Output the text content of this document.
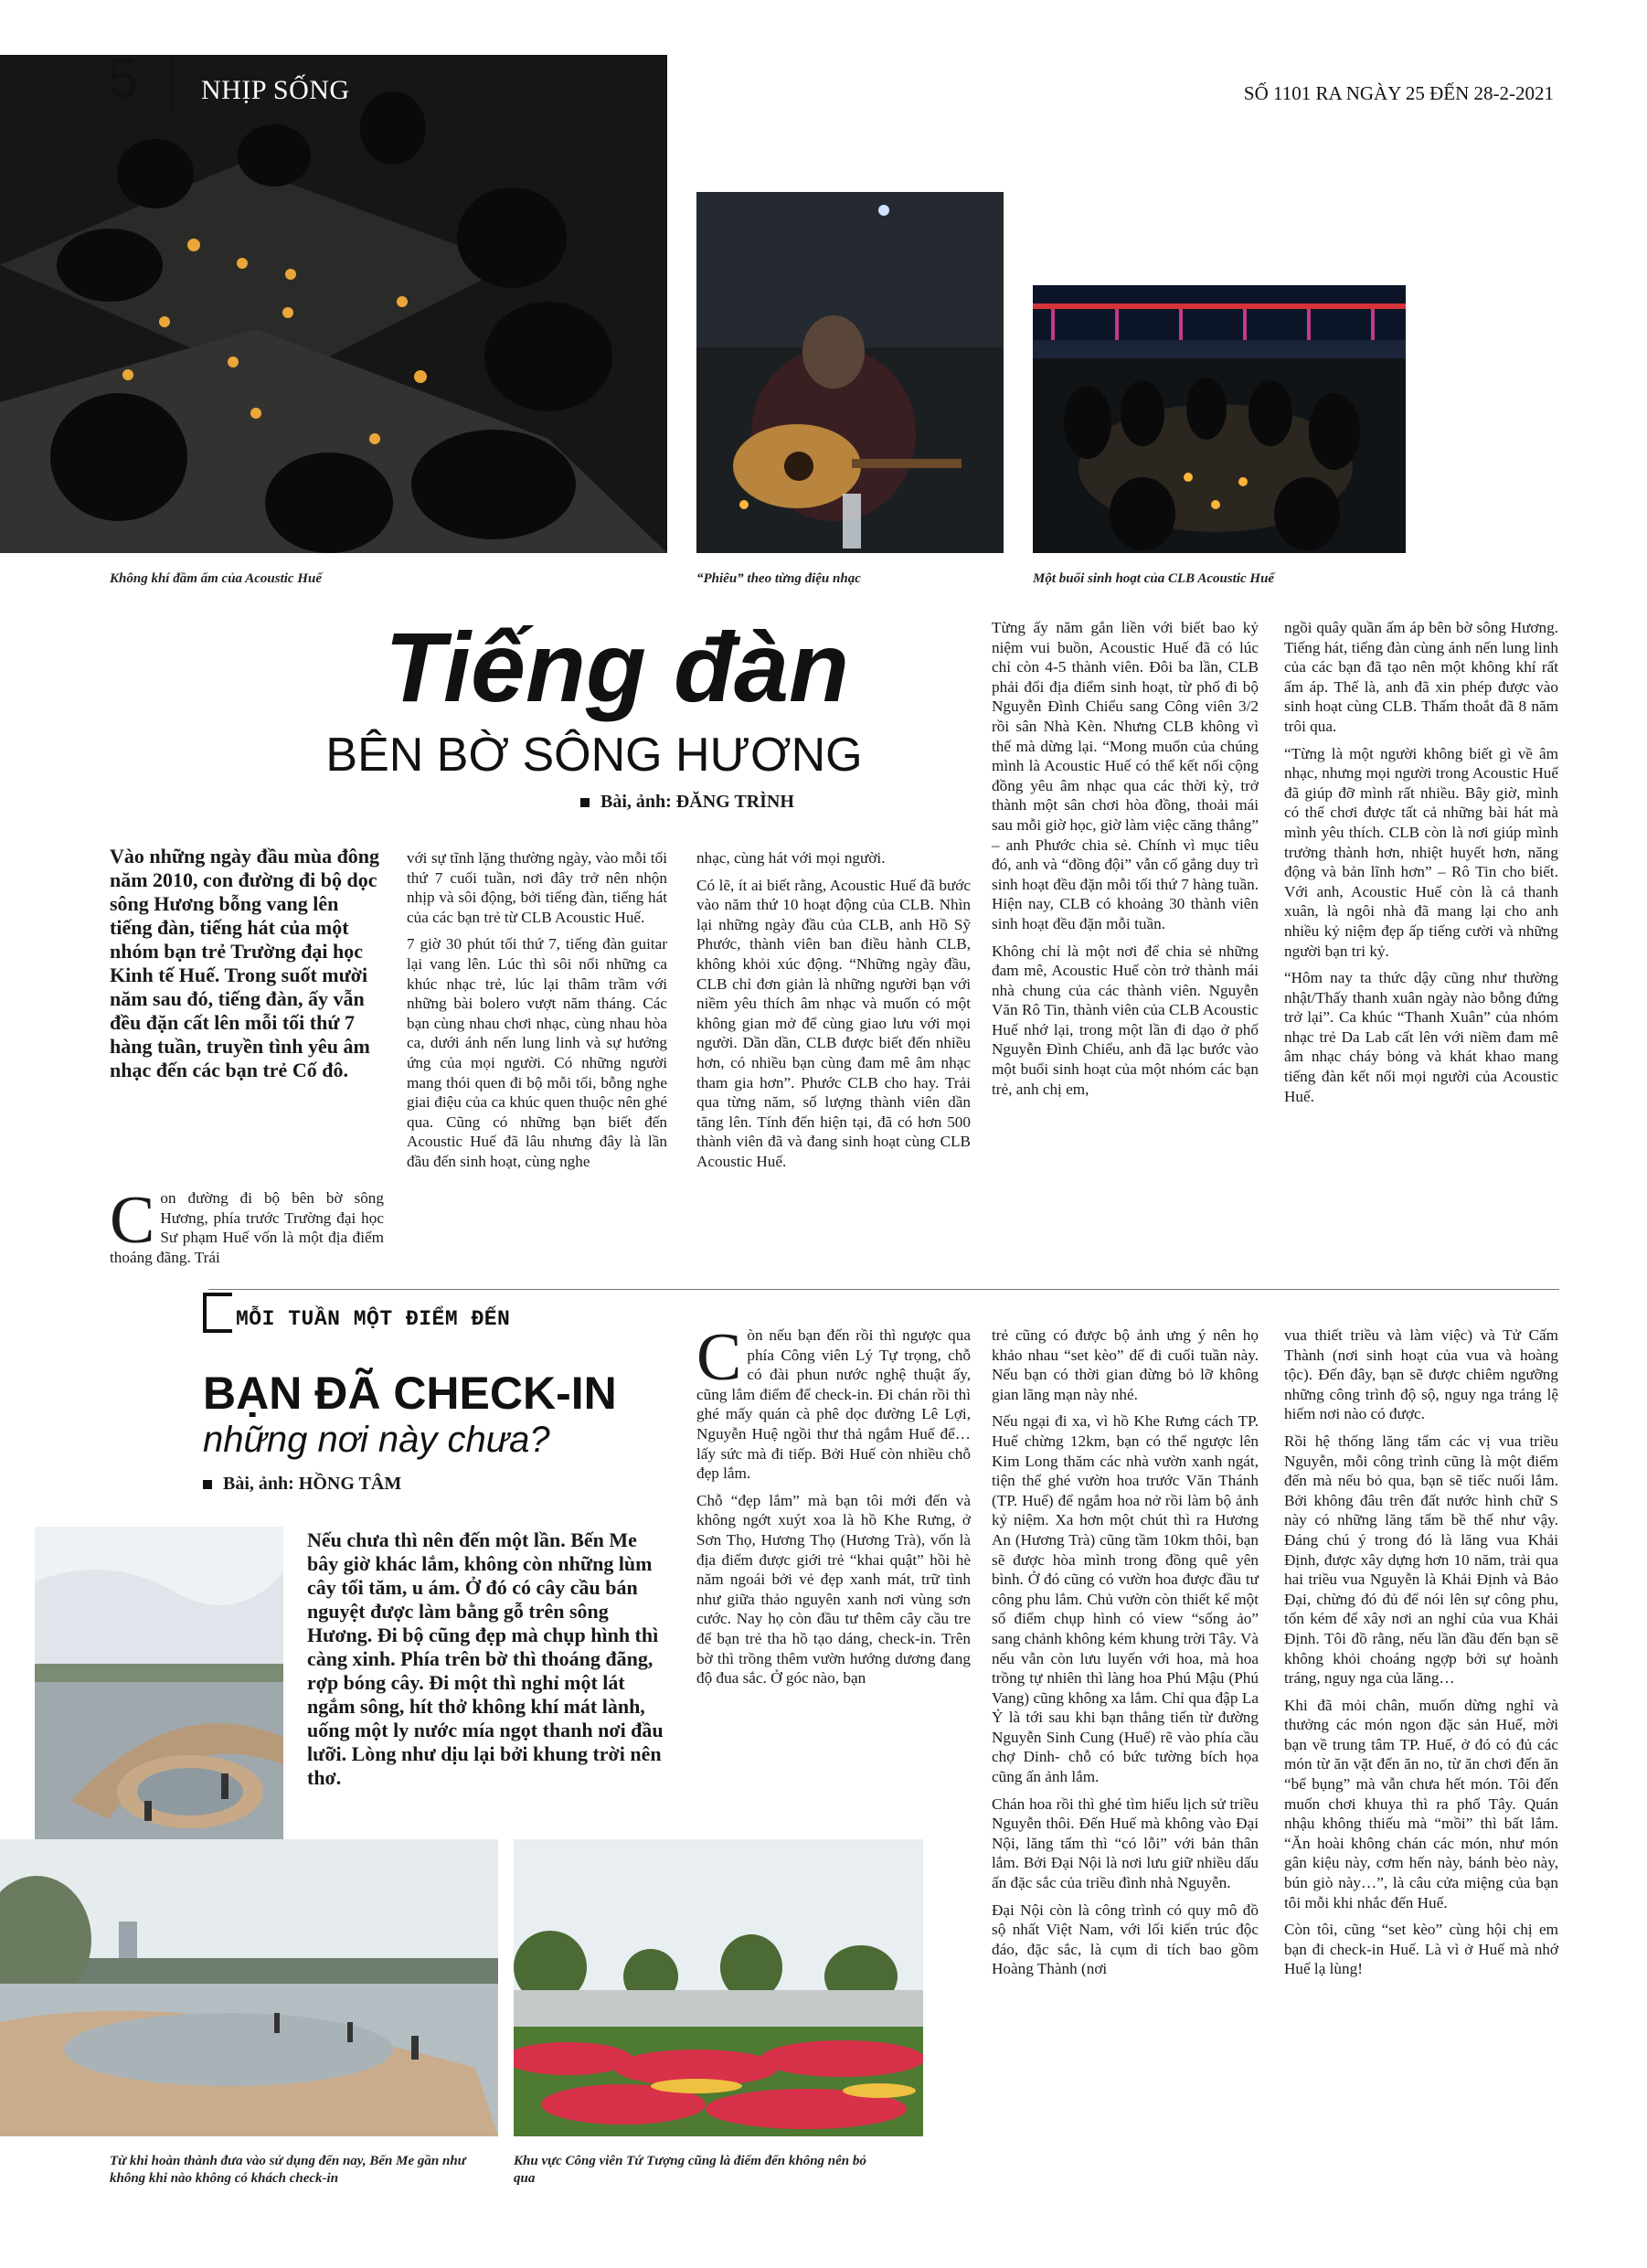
5 NHỊP SỐNG	SỐ 1101 RA NGÀY 25 ĐẾN 28-2-2021
Không khí đầm ấm của Acoustic Huế	“Phiêu” theo từng điệu nhạc	Một buổi sinh hoạt của CLB Acoustic Huế
Tiếng đàn
BÊN BỜ SÔNG HƯƠNG
Bài, ảnh: ĐĂNG TRÌNH
Vào những ngày đầu mùa đông năm 2010, con đường đi bộ dọc sông Hương bỗng vang lên tiếng đàn, tiếng hát của một nhóm bạn trẻ Trường đại học Kinh tế Huế. Trong suốt mười năm sau đó, tiếng đàn, ấy vẫn đều đặn cất lên mỗi tối thứ 7 hàng tuần, truyền tình yêu âm nhạc đến các bạn trẻ Cố đô.

Con đường đi bộ bên bờ sông Hương, phía trước Trường đại học Sư phạm Huế vốn là một địa điểm thoáng đãng. Trái

với sự tĩnh lặng thường ngày, vào mỗi tối thứ 7 cuối tuần, nơi đây trở nên nhộn nhịp và sôi động, bởi tiếng đàn, tiếng hát của các bạn trẻ từ CLB Acoustic Huế.

7 giờ 30 phút tối thứ 7, tiếng đàn guitar lại vang lên. Lúc thì sôi nổi những ca khúc nhạc trẻ, lúc lại thâm trầm với những bài bolero vượt năm tháng. Các bạn cùng nhau chơi nhạc, cùng nhau hòa ca, dưới ánh nến lung linh và sự hưởng ứng của mọi người. Có những người mang thói quen đi bộ mỗi tối, bỗng nghe giai điệu của ca khúc quen thuộc nên ghé qua. Cũng có những bạn biết đến Acoustic Huế đã lâu nhưng đây là lần đầu đến sinh hoạt, cùng nghe

nhạc, cùng hát với mọi người.

Có lẽ, ít ai biết rằng, Acoustic Huế đã bước vào năm thứ 10 hoạt động của CLB. Nhìn lại những ngày đầu của CLB, anh Hồ Sỹ Phước, thành viên ban điều hành CLB, không khỏi xúc động. “Những ngày đầu, CLB chỉ đơn giản là những người bạn với niềm yêu thích âm nhạc và muốn có một không gian mở để cùng giao lưu với mọi người. Dần dần, CLB được biết đến nhiều hơn, có nhiều bạn cùng đam mê âm nhạc tham gia hơn”. Phước CLB cho hay. Trải qua từng năm, số lượng thành viên dần tăng lên. Tính đến hiện tại, đã có hơn 500 thành viên đã và đang sinh hoạt cùng CLB Acoustic Huế.

Từng ấy năm gắn liền với biết bao kỷ niệm vui buồn, Acoustic Huế đã có lúc chỉ còn 4-5 thành viên. Đôi ba lần, CLB phải đổi địa điểm sinh hoạt, từ phố đi bộ Nguyễn Đình Chiểu sang Công viên 3/2 rồi sân Nhà Kèn. Nhưng CLB không vì thế mà dừng lại. “Mong muốn của chúng mình là Acoustic Huế có thể kết nối cộng đồng yêu âm nhạc qua các thời kỳ, trở thành một sân chơi hòa đồng, thoải mái sau mỗi giờ học, giờ làm việc căng thẳng” – anh Phước chia sẻ. Chính vì mục tiêu đó, anh và “đồng đội” vẫn cố gắng duy trì sinh hoạt đều đặn mỗi tối thứ 7 hàng tuần. Hiện nay, CLB có khoảng 30 thành viên sinh hoạt đều đặn mỗi tuần.

Không chỉ là một nơi để chia sẻ những đam mê, Acoustic Huế còn trở thành mái nhà chung của các thành viên. Nguyễn Văn Rô Tin, thành viên của CLB Acoustic Huế nhớ lại, trong một lần đi dạo ở phố Nguyễn Đình Chiểu, anh đã lạc bước vào một buổi sinh hoạt của một nhóm các bạn trẻ, anh chị em,

ngồi quây quần ấm áp bên bờ sông Hương. Tiếng hát, tiếng đàn cùng ánh nến lung linh của các bạn đã tạo nên một không khí rất ấm áp. Thế là, anh đã xin phép được vào sinh hoạt cùng CLB. Thấm thoắt đã 8 năm trôi qua.

“Từng là một người không biết gì về âm nhạc, nhưng mọi người trong Acoustic Huế đã giúp đỡ mình rất nhiều. Bây giờ, mình có thể chơi được tất cả những bài hát mà mình yêu thích. CLB còn là nơi giúp mình trưởng thành hơn, nhiệt huyết hơn, năng động và bản lĩnh hơn” – Rô Tin cho biết. Với anh, Acoustic Huế còn là cả thanh xuân, là ngôi nhà đã mang lại cho anh nhiều kỷ niệm đẹp ấp tiếng cười và những người bạn tri kỷ.

“Hôm nay ta thức dậy cũng như thường nhật/Thấy thanh xuân ngày nào bỗng đứng trở lại”. Ca khúc “Thanh Xuân” của nhóm nhạc trẻ Da Lab cất lên với niềm đam mê âm nhạc cháy bỏng và khát khao mang tiếng đàn kết nối mọi người của Acoustic Huế.

MỖI TUẦN MỘT ĐIỂM ĐẾN
BẠN ĐÃ CHECK-IN
những nơi này chưa?
Bài, ảnh: HỒNG TÂM
Từ khi hoàn thành đưa vào sử dụng đến nay, Bến Me gần như không khi nào không có khách check-in
Khu vực Công viên Tứ Tượng cũng là điểm đến không nên bỏ qua
Nếu chưa thì nên đến một lần. Bến Me bây giờ khác lắm, không còn những lùm cây tối tăm, u ám. Ở đó có cây cầu bán nguyệt được làm bằng gỗ trên sông Hương. Đi bộ cũng đẹp mà chụp hình thì càng xinh. Phía trên bờ thì thoáng đãng, rợp bóng cây. Đi một thì nghỉ một lát ngắm sông, hít thở không khí mát lành, uống một ly nước mía ngọt thanh nơi đầu lưỡi. Lòng như dịu lại bởi khung trời nên thơ.

Còn nếu bạn đến rồi thì ngược qua phía Công viên Lý Tự trọng, chỗ có đài phun nước nghệ thuật ấy, cũng lắm điểm để check-in. Đi chán rồi thì ghé mấy quán cà phê dọc đường Lê Lợi, Nguyễn Huệ ngồi thư thả ngắm Huế để… lấy sức mà đi tiếp. Bởi Huế còn nhiều chỗ đẹp lắm.

Chỗ “đẹp lắm” mà bạn tôi mới đến và không ngớt xuýt xoa là hồ Khe Rưng, ở Sơn Thọ, Hương Thọ (Hương Trà), vốn là địa điểm được giới trẻ “khai quật” hồi hè năm ngoái bởi vẻ đẹp xanh mát, trữ tình như giữa thảo nguyên xanh nơi vùng sơn cước. Nay họ còn đầu tư thêm cây cầu tre để bạn trẻ tha hồ tạo dáng, check-in. Trên bờ thì trồng thêm vườn hướng dương đang độ đua sắc. Ở góc nào, bạn

trẻ cũng có được bộ ảnh ưng ý nên họ khảo nhau “set kèo” để đi cuối tuần này. Nếu bạn có thời gian đừng bỏ lỡ không gian lãng mạn này nhé.

Nếu ngại đi xa, vì hồ Khe Rưng cách TP. Huế chừng 12km, bạn có thể ngược lên Kim Long thăm các nhà vườn xanh ngát, tiện thể ghé vườn hoa trước Văn Thánh (TP. Huế) để ngắm hoa nở rồi làm bộ ảnh kỷ niệm. Xa hơn một chút thì ra Hương An (Hương Trà) cũng tầm 10km thôi, bạn sẽ được hòa mình trong đồng quê yên bình. Ở đó cũng có vườn hoa được đầu tư công phu lắm. Chủ vườn còn thiết kế một số điểm chụp hình có view “sống ảo” sang chảnh không kém khung trời Tây. Và nếu vẫn còn lưu luyến với hoa, mà hoa trồng tự nhiên thì làng hoa Phú Mậu (Phú Vang) cũng không xa lắm. Chỉ qua đập La Ỷ là tới sau khi bạn thẳng tiến từ đường Nguyễn Sinh Cung (Huế) rẽ vào phía cầu chợ Dinh- chỗ có bức tường bích họa cũng ấn ảnh lắm.

Chán hoa rồi thì ghé tìm hiểu lịch sử triều Nguyễn thôi. Đến Huế mà không vào Đại Nội, lăng tẩm thì “có lỗi” với bản thân lắm. Bởi Đại Nội là nơi lưu giữ nhiều dấu ấn đặc sắc của triều đình nhà Nguyễn.

Đại Nội còn là công trình có quy mô đồ sộ nhất Việt Nam, với lối kiến trúc độc đáo, đặc sắc, là cụm di tích bao gồm Hoàng Thành (nơi

vua thiết triều và làm việc) và Tử Cấm Thành (nơi sinh hoạt của vua và hoàng tộc). Đến đây, bạn sẽ được chiêm ngưỡng những công trình độ sộ, nguy nga tráng lệ hiếm nơi nào có được.

Rồi hệ thống lăng tẩm các vị vua triều Nguyễn, mỗi công trình cũng là một điểm đến mà nếu bỏ qua, bạn sẽ tiếc nuối lắm. Bởi không đâu trên đất nước hình chữ S này có những lăng tẩm bề thế như vậy. Đáng chú ý trong đó là lăng vua Khải Định, được xây dựng hơn 10 năm, trải qua hai triều vua Nguyễn là Khải Định và Bảo Đại, chừng đó đủ để nói lên sự công phu, tốn kém để xây nơi an nghỉ của vua Khải Định. Tôi đồ rằng, nếu lần đầu đến bạn sẽ không khỏi choáng ngợp bởi sự hoành tráng, nguy nga của lăng…

Khi đã mỏi chân, muốn dừng nghỉ và thưởng các món ngon đặc sản Huế, mời bạn về trung tâm TP. Huế, ở đó có đủ các món từ ăn vặt đến ăn no, từ ăn chơi đến ăn “bể bụng” mà vẫn chưa hết món. Tôi đến muốn chơi khuya thì ra phố Tây. Quán nhậu không thiếu mà “mồi” thì bất lắm. “Ăn hoài không chán các món, như món gân kiệu này, cơm hến này, bánh bèo này, bún giò này…”, là câu cửa miệng của bạn tôi mỗi khi nhắc đến Huế.

Còn tôi, cũng “set kèo” cùng hội chị em bạn đi check-in Huế. Là vì ở Huế mà nhớ Huế lạ lùng!
